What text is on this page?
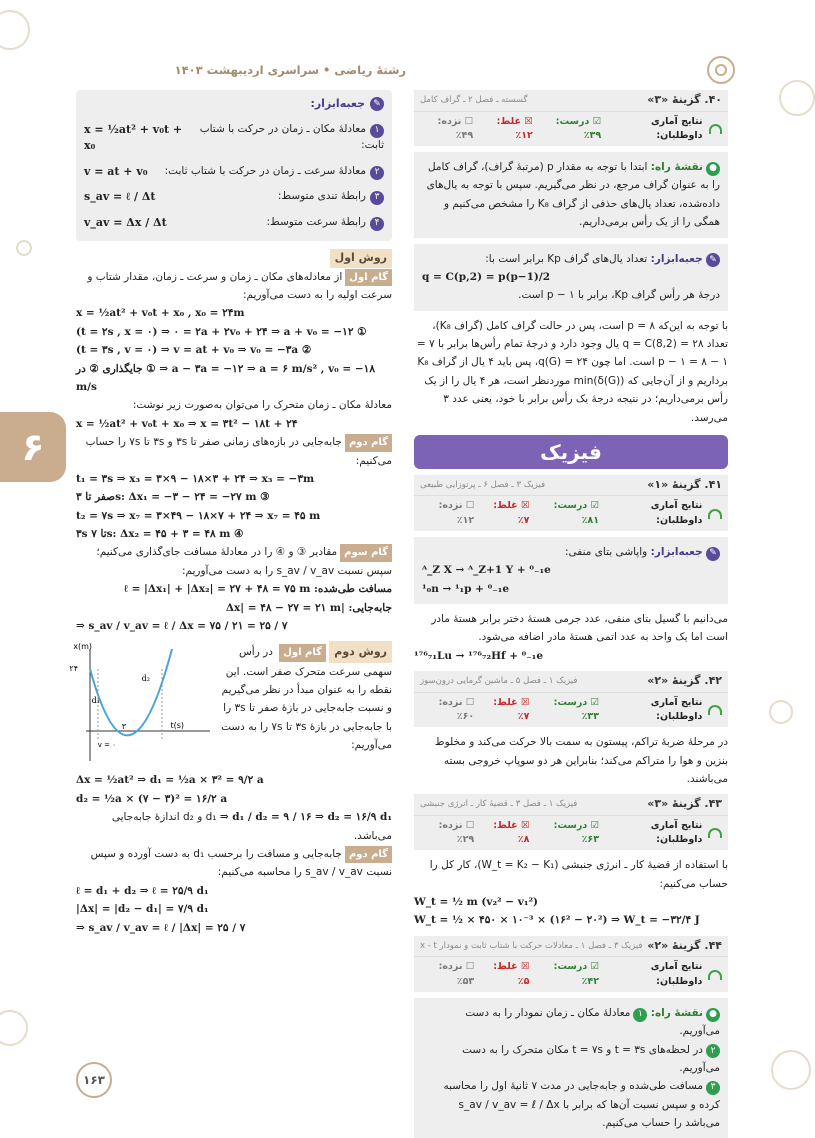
رشتهٔ ریاضی • سراسری اردیبهشت ۱۴۰۳
۶
۱۶۳
✎
جعبه‌ابزار:
۱معادلهٔ مکان ـ زمان در حرکت با شتاب ثابت:
x = ½at² + v₀t + x₀
۲معادلهٔ سرعت ـ زمان در حرکت با شتاب ثابت:
v = at + v₀
۳رابطهٔ تندی متوسط:
s_av = ℓ / Δt
۴رابطهٔ سرعت متوسط:
v_av = Δx / Δt
روش اول
گام اولاز معادله‌های مکان ـ زمان و سرعت ـ زمان، مقدار شتاب و سرعت اولیه را به دست می‌آوریم:
x = ½at² + v₀t + x₀ , x₀ = ۲۴m
(t = ۲s , x = ۰) ⇒ ۰ = ۲a + ۲v₀ + ۲۴ ⇒ a + v₀ = −۱۲ ①
(t = ۳s , v = ۰) ⇒ v = at + v₀ ⇒ v₀ = −۳a ②
جایگذاری ② در ① ⇒ a − ۳a = −۱۲ ⇒ a = ۶ m/s² , v₀ = −۱۸ m/s
معادلهٔ مکان ـ زمان متحرک را می‌توان به‌صورت زیر نوشت:
x = ½at² + v₀t + x₀ ⇒ x = ۳t² − ۱۸t + ۲۴
گام دومجابه‌جایی در بازه‌های زمانی صفر تا ۳s و ۳s تا ۷s را حساب می‌کنیم:
t₁ = ۳s ⇒ x₃ = ۳×۹ − ۱۸×۳ + ۲۴ ⇒ x₃ = −۳m
صفر تا ۳s: Δx₁ = −۳ − ۲۴ = −۲۷ m ③
t₂ = ۷s ⇒ x₇ = ۳×۴۹ − ۱۸×۷ + ۲۴ ⇒ x₇ = ۴۵ m
۳s تا ۷s: Δx₂ = ۴۵ + ۳ = ۴۸ m ④
گام سوممقادیر ③ و ④ را در معادلهٔ مسافت جای‌گذاری می‌کنیم؛ سپس نسبت s_av / v_av را به دست می‌آوریم:
مسافت طی‌شده: ℓ = |Δx₁| + |Δx₂| = ۲۷ + ۴۸ = ۷۵ m
جابه‌جایی: |Δx| = ۴۸ − ۲۷ = ۲۱ m
⇒ s_av / v_av = ℓ / Δx = ۷۵ / ۲۱ = ۲۵ / ۷
روش دوم گام اول در رأس سهمی سرعت متحرک صفر است. این نقطه را به عنوان مبدأ در نظر می‌گیریم و نسبت جابه‌جایی در بازهٔ صفر تا ۳s را با جابه‌جایی در بازهٔ ۳s تا ۷s را به دست می‌آوریم:
x(m)
t(s)
۲۴
۳
d₁
d₂
v = ۰
Δx = ½at² ⇒ d₁ = ½a × ۳² = ۹/۲ a
d₂ = ½a × (۷ − ۳)² = ۱۶/۲ a
⇒ d₁ / d₂ = ۹ / ۱۶ ⇒ d₂ = ۱۶/۹ d₁ d₁ و d₂ اندازهٔ جابه‌جایی می‌باشد.
گام دومجابه‌جایی و مسافت را برحسب d₁ به دست آورده و سپس نسبت s_av / v_av را محاسبه می‌کنیم:
ℓ = d₁ + d₂ ⇒ ℓ = ۲۵/۹ d₁
|Δx| = |d₂ − d₁| = ۷/۹ d₁
⇒ s_av / v_av = ℓ / |Δx| = ۲۵ / ۷
۴۰. گزینهٔ «۳»
گسسته ـ فصل ۲ ـ گراف کامل
نتایج آماری داوطلبان:
☑ درست: ۳۹٪
☒ غلط: ۱۲٪
☐ نزده: ۴۹٪
●نقشهٔ راه: ابتدا با توجه به مقدار p (مرتبهٔ گراف)، گراف کامل را به عنوان گراف مرجع، در نظر می‌گیریم. سپس با توجه به یال‌های داده‌شده، تعداد یال‌های حذفی از گراف K₈ را مشخص می‌کنیم و همگی را از یک رأس برمی‌داریم.
✎ جعبه‌ابزار: تعداد یال‌های گراف Kp برابر است با:
q = C(p,2) = p(p−1)/2
درجهٔ هر رأس گراف Kp، برابر با p − ۱ است.
با توجه به این‌که p = ۸ است، پس در حالت گراف کامل (گراف K₈)، تعداد q = C(8,2) = ۲۸ یال وجود دارد و درجهٔ تمام رأس‌ها برابر با ۷ = ۱ − ۸ = p − ۱ است. اما چون q(G) = ۲۴، پس باید ۴ یال از گراف K₈ برداریم و از آن‌جایی که min(δ(G)) موردنظر است، هر ۴ یال را از یک رأس برمی‌داریم؛ در نتیجه درجهٔ یک رأس برابر با خود، یعنی عدد ۳ می‌رسد.
فیزیک
۴۱. گزینهٔ «۱»
فیزیک ۳ ـ فصل ۶ ـ پرتوزایی طبیعی
نتایج آماری داوطلبان:
☑ درست: ۸۱٪
☒ غلط: ۷٪
☐ نزده: ۱۲٪
✎ جعبه‌ابزار: واپاشی بتای منفی:
ᴬ_Z X → ᴬ_Z+1 Y + ⁰₋₁e
¹₀n → ¹₁p + ⁰₋₁e
می‌دانیم با گسیل بتای منفی، عدد جرمی هستهٔ دختر برابر هستهٔ مادر است اما یک واحد به عدد اتمی هستهٔ مادر اضافه می‌شود.
¹⁷⁶₇₁Lu → ¹⁷⁶₇₂Hf + ⁰₋₁e
۴۲. گزینهٔ «۲»
فیزیک ۱ ـ فصل ۵ ـ ماشین گرمایی درون‌سوز
نتایج آماری داوطلبان:
☑ درست: ۳۳٪
☒ غلط: ۷٪
☐ نزده: ۶۰٪
در مرحلهٔ ضربهٔ تراکم، پیستون به سمت بالا حرکت می‌کند و مخلوط بنزین و هوا را متراکم می‌کند؛ بنابراین هر دو سوپاپ خروجی بسته می‌باشند.
۴۳. گزینهٔ «۳»
فیزیک ۱ ـ فصل ۳ ـ قضیهٔ کار ـ انرژی جنبشی
نتایج آماری داوطلبان:
☑ درست: ۶۳٪
☒ غلط: ۸٪
☐ نزده: ۲۹٪
با استفاده از قضیهٔ کار ـ انرژی جنبشی (W_t = K₂ − K₁)، کار کل را حساب می‌کنیم:
W_t = ½ m (v₂² − v₁²)
W_t = ½ × ۴۵۰ × ۱۰⁻³ × (۱۶² − ۲۰²) ⇒ W_t = −۳۲/۴ J
۴۴. گزینهٔ «۲»
فیزیک ۳ ـ فصل ۱ ـ معادلات حرکت با شتاب ثابت و نمودار x - t
نتایج آماری داوطلبان:
☑ درست: ۴۲٪
☒ غلط: ۵٪
☐ نزده: ۵۳٪
●نقشهٔ راه: ۱معادلهٔ مکان ـ زمان نمودار را به دست می‌آوریم.
۲در لحظه‌های t = ۳s و t = ۷s مکان متحرک را به دست می‌آوریم.
۳مسافت طی‌شده و جابه‌جایی در مدت ۷ ثانیهٔ اول را محاسبه کرده و سپس نسبت آن‌ها که برابر با s_av / v_av = ℓ / Δx می‌باشد را حساب می‌کنیم.
